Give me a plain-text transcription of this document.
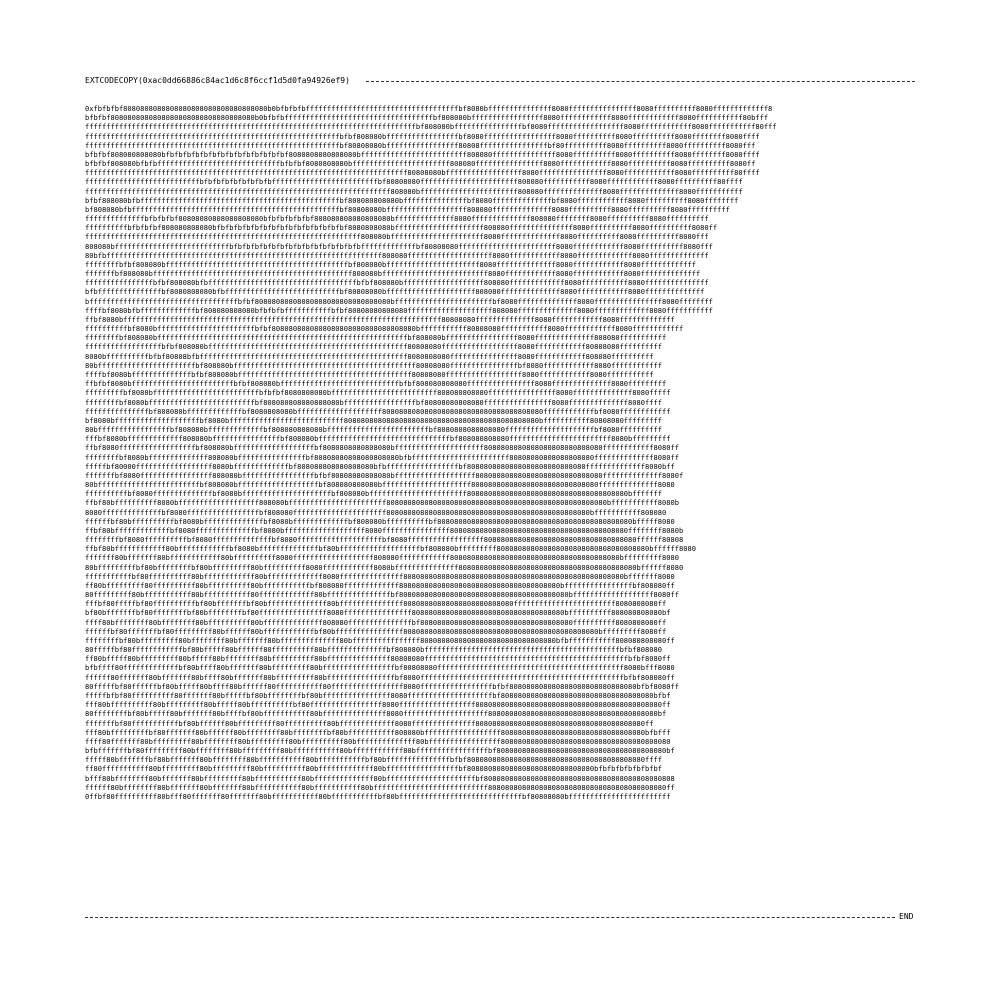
EXTCODECOPY(0xac0dd66886c84ac1d6c8f6ccf1d5d0fa94926ef9)
0xfbfbfbf8080808080808080808080808080808080b0bfbfbfbffffffffffffffffffffffffffffffffffffbf8080bfffffffffffffff8080ffffffffffffffff8080ffffffffff8080fffffffffffff8
bfbfbf8080808080808080808080808080808080b0bfbfbfffffffffffffffffffffffffffffffffffbf808080bfffffffffffffffff8080ffffffffffff8080ffffffffffff8080fffffffffff80bfff
ffffffffffffffffffffffffffffffffffffffffffffffffffffffffffffffffffffffffffffffbf808080bffffffffffffffffbf8080ffffffffffffffffff8080ffffffffffff8080fffffffffff80fff
ffffffffffffffffffffffffffffffffffffffffffffffffffffffffffffbfbf808080bfffffffffffffffffbf8080fffffffffffffffff8080ffffffffff8080ffffffffff8080ffffffff8080ffff
ffffffffffffffffffffffffffffffffffffffffffffffffffffffffffffbf80808080bfffffffffffffffff80808ffffffffffffffffbf80ffffffffff8080ffffffffff8080ffffffffff8080fff
bfbfbf808080808080bfbfbfbfbfbfbfbfbfbfbfbfbfbfbf8080808080808080bfffffffffffffffffffffffff808080fffffffffffffff8080ffffffffff8080ffffffffff8080ffffffff8080ffff
bfbfbf808080bfbfbfffffffffffffffffffffffffffffbfbfbf8080808080bfffffffffffffffffffffff808080ffffffffffffffff8080ffffffffffff8080ffffffffff8080ffffffffff8080ff
ffffffffffffffffffffffffffffffffffffffffffffffffffffffffffffffffffffffffffff80808080bffffffffffffffffff8080ffffffffffffffff8080ffffffffffff8080ffffffffff80ffff
fffffffffffffffffffffffffffbfbfbfbfbfbfbfbfbfffffffffffffffffffffffffbf80808080fffffffffffffffffffffff808080fffffffffff8080ffffffffffff8080ffffffffff80ffff
ffffffffffffffffffffffffffffffffffffffffffffffffffffffffffffffffffffffff808080bfffffffffffffffffffffff808080ffffffffffffff8080ffffffffffffff8080fffffffffff
bfbf808080bfbfffffffffffffffffffffffffffffffffffffffffffffffbf808080808080bfffffffffffffffbf8080ffffffffffffffbf8080ffffffffffff8080ffffffffff8080ffffffff
bf808080bfbfffffffffffffffffffffffffffffffffffffffffffffffffbf80808080bfffffffffffffffffff808080ffffffffffffff8080ffffffffff8080ffffffffff8080ffffffffff
ffffffffffffffbfbfbfbf80808080808080808080bfbfbfbfbfbf808080808080808080bffffffffffffff8080ffffffffffffff808080ffffffff8080ffffffffff8080ffffffffff
ffffffffffbfbfbfbf808080808080bfbfbfbfbfbfbfbfbfbfbfbfbfbfbfbf8080808080bfffffffffffffffffffff808080fffffffffffffff8080ffffffffff8080ffffffffff8080ff
fffffffffffffffffffffffffffffffffffffffffffffffffffffffffffffffff808080bffffffffffffffffffffff8080ffffffffffffff8080ffffffffff8080ffffffffff8080fff
808080bfffffffffffffffffffffffffffbfbfbfbfbfbfbfbfbfbfbfbfbfbfbfbfffffffffffffbf80808080fffffffffffffffffffffff8080ffffffffffff8080ffffffffff8080fff
80bfbfffffffffffffffffffffffffffffffffffffffffffffffffffffffffffffffff808080ffffffffffffffffffff8080ffffffffffff8080fffffffffffff8080ffffffffffffff
ffffffffbfbf808080bfffffffffffffffffffffffffffffffffffffffffffbf808080bffffffffffffffffffffff8080ffffffffffffff8080ffffffffffff8080fffffffffffff
fffffffbf808080bfffffffffffffffffffffffffffffffffffffffffffffff808080bfffffffffffffffffffffffff8080ffffffffffff8080ffffffffffff8080ffffffffffffff
ffffffffffffffffbfbf808080bfbfffffffffffffffffffffffffffffffffffbfbf808080bfffffffffffffffffff808080fffffffffffff8080fffffffffff8080fffffffffffffff
bfbfffffffffffffffbf8080808080bfbfffffffffffffffffffffffffffbf80808080bfffffffffffffffffffff808080ffffffffffffff8080ffffffffffff8080ffffffffffffff
bfffffffffffffffffffffffffffffffffffbfbf80808080808080808080808080808080bfffffffffffffffffffffffbf8080ffffffffffffff8080ffffffffffffffff8080ffffffff
ffffbf8080bfbfffffffffffffbf808080808080bfbfbfbfffffffffffbfbf80808080808080ffffffffffffffffffff808080ffffffffffffff8080fffffffffffff8080fffffffffff
ffbf8080bfffffffffffffffffffffffffffffffffffffffffffffffffffffffffffffffffffffffffff80808080ffffffffffffff8080ffffffffffff8080fffffffffffff
ffffffffffbf8080bfffffffffffffffffffffffbfbf8080808080808080808080808080808080bfffffffffff80808080fffffffffff8080ffffffffffff8080ffffffffffff
ffffffffbf808080bfffffffffffffffffffffffffffffffffffffffffffffffffffffffffffbf808080bfffffffffffffffff8080ffffffffffffff808080fffffffffff
ffffffffffffffffffbfbf808080bfffffffffffffffffffffffffffffffffffffffffffffff80808080ffffffffffffffffff8080ffffffffffff80808080ffffffffff
8080bffffffffffbfbf80808bfbfffffffffffffffffffffffffffffffffffffffffffffffff8080808080ffffffffffffffff8080ffffffffffff808080ffffffffff
80bfffffffffffffffffffffffbf808080bfffffffffffffffffffffffffffffffffffffffffff80808080ffffffffffffffffbf8080ffffffffffff8080ffffffffffff
ffffbf8080bffffffffffffffbfbf808080bfffffffffffffffffffffffffffffffffffffffff80808080ffffffffffffffffff8080ffffffffffff8080fffffffffff
ffbfbf8080bffffffffffffffffffffffffbfbf808080bffffffffffffffffffffffffffffbfbf808080808080ffffffffffffffff8080ffffffffffffff8080fffffffff
fffffffffbf8080bfffffffffffffffffffffffffbfbfbf8080808080bfffffffffffffffffffffffff808080808080ffffffffffffffff8080ffffffffffffff8080fffff
ffffffffbf8080bfffffffffffffffffffffffffbf808080808080808080bfffffffffffffffffbf80808080808080ffffffffffffffff8080ffffffffffffff8080ffff
fffffffffffffffbf808080bfffffffffffffbf8080808080bffffffffffffffffffff80808080808080808080808080808080808080ffffffffffffbf8080ffffffffffff
bf8080bffffffffffffffffffffbf8080bfffffffffffffffffffffffffff8080808080808080808080808080808080808080808080bfffffffffff80808080fffffffff
80bfffffffffffffffffbf808080bfffffffffffffbf808080808080bffffffffffffffffffffffffbf8080808080808080fffffffffffffffffffffbf8080ffffffffff
fffbf8080bfffffffffffff808080bffffffffffffffffbf808080bfffffffffffffffffffffffffffffffbf808080808080ffffffffffffffffffffffff8080bfffffffff
ffbf8080ffffffffffffffffffbf808080bfffffffffffffffffffbf8080808080808080bfffffffffffffffffffff8080808080808080808080808080ffffffffffff8080ff
ffffffffbf8080bffffffffffffff808080bffffffffffffffffbf80808080808080808080bfbfffffffffffffffffffffff80808080808080808080ffffffffffffff8080ff
fffffbf80000ffffffffffffffffff8080bfffffffffffffbf808080808080808080bfbfffffffffffffffffbf8080808080808080808080808080ffffffffffffff8080bff
fffffffbf8080fffffffffffffffff808080bfffffffffffffffffbfbf80808080808080bfffffffffffffffffff808080808080808080808080808080ffffffffffffff8080f
80bffffffffffffffffffffffffbf808080bfffffffffffffffffffbf808080808080bfffffffffffffffffffff808080808080808080808080808080ffffffffffffff8080
ffffffffffbf8080ffffffffffffffbf8080bfffffffffffffffffffffbf808080bfffffffffffffffffffffff80808080808080808080808080808080808080bfffffff
ffbf80bffffffffff8080bfffffffffffffffffff808080bfffffffffffffffffffffff8080808080808080808080808080808080808080808080808080bfffffffffff8080b
8080ffffffffffffffbf8080fffffffffffffffffbf808080ffffffffffffffffffffff808080808080808080808080808080808080808080808080bfffffffffff808080
ffffffbf80bffffffffffbf8080bffffffffffffffbf8080bfffffffffffffbf808080bffffffffffbf8080808080808080808080808080808080808080808080bfffff8080
ffbf80bfffffffffffffbf8080ffffffffffffffbf8080bfffffffffffffffffff8080ffffffffffffffff808080808080808080808080808080808080808080ffffffff8080b
ffffffffbf8080ffffffffffbf8080ffffffffffffffbf8080ffffffffffffffffffffbf8080ffffffffffffffffff808080808080808080808080808080808080ffffff80808
ffbf80bffffffffffff80bffffffffffffbf8080bffffffffffffffbf80bfffffffffffffffffffbf808080bfffffffff808080808080808080808080808080808080bffffff8080
fffffff80bfffffff80bffffffffffff80bffffffffff8080fffffffffffffffffff808080ffffffffffff8080808080808080808080808080808080808080bfffffffff8080
80bfffffffffbf80bffffffffbf80bfffffffff80bffffffffff8080ffffffffffff8080bfffffffffffffff808080808080808080808080808080808080808080bffffff8080
fffffffffffbf80ffffffffff80bffffffffffff80bfffffffffffff8080fffffffffffffff8080808080808080808080808080808080808080808080808080bfffffff8080
ff80bfffffffff80ffffffffff80bffffffffff80bfffffffffffbf808080fffffffffffff80808080808080808080808080808080808080bffffffffffffffffbf808080ff
80fffffffff80bfffffffffff80bfffffffffff80fffffffffffff80bfffffffffffffffbf8080808080808080808080808080808080808080bfffffffffffffffffff8080ff
fffbf80fffffbf80ffffffffffbf80bfffffffbf80bffffffffffffff80bfffffffffffffff80808080808080808080808080ffffffffffffffffffffffff8080808080ff
bf80bfffffffbf80ffffffffbf80bffffffffbf80ffffffffffffffff8080ffffffffffffffff808080808080808080808080808080808080bffffffffff808080808080bf
ffff80bffffffff80bffffffff80bffffffffff80bffffffffffffff808080fffffffffffffffbf808080808080808080808080808080808080ffffffffff8080808080ff
ffffffbf80fffffffbf80fffffffff80bffffff80bffffffffffffbf80bffffffffffffffff8080808080808080808080808080808080808080808080bfffffffff8080ff
ffffffffbf80bfffffffff80bffffffff80bfffffff80bffffffffffffff80bffffffffffffffff80808080808080808080808080808080bfbfffffffffff808080808080ff
80fffffbf80ffffffffffffbf80bfffff80bffffff80ffffffffff80bffffffffffffffbf808080bffffffffffffffffffffffffffffffffffffffffffffffbfbf808080
ff80bfffff80bfffffffff80bfffff80bffffffff80bffffffffff80bfffffffffffffff80808080ffffffffffffffffffffffffffffffffffffffffffffffffbfbf8080ff
bfbffff80fffffffffffffbf80bffff80bfffffff80bfffffffff80bfffffffffffffffffbf80808080ffffffffffffffffffffffffffffffffffffffffffff8080bfff8080
ffffff80fffffff80bfffffff80bffff80bfffffff80bfffffffff80bffffffffffffffffbf8080ffffffffffffffffffffffffffffffffffffffffffffffffbfbf808080ff
80fffffbf80ffffffbf80bfffff80bffff80bffffff80fffffffffff80fffffffffffffffff8080fffffffffffffffffbfbf808080808080808080808080808080bfbf8080ff
fffffbfbf80ffffffffff80fffffff80bfffffbf80bffffffffbf80bffffffffffffffff8080ffffffffffffffffffffbf808080808080808080808080808080808080bfbf
fff80bffffffffff80bfffffffff80bfffff80bffffffffffbf80fffffffffffffffff8080ffffffffffffffffff80808080808080808080808080808080808080808080ff
80ffffffffbf80bfffff80bfffffff80bffffbf80bfffffffffff80bfffffffffffffff8080ffffffffffffffffffff8080808080808080808080808080808080808080bf
fffffffbf80fffffffffffbf80bffffff80bfffffffff80ffffffffff80bfffffffffffff8080fffffffffffffff8080808080808080808080808080808080808080ff
fff80bfffffffffbf80fffffff80bffffff80bffffffff80bffffffffbf80bfffffffffff808080bffffffffffffffffff8080808080808080808080808080808080bfbfff
ffff80fffffff80bfffffffff80bffffffff80bfffffffff80bffffffffff80bffffffffffffff80bfffffffffffffffff8080808080808080808080808080808080808080
bfbfffffffbf80fffffffff80bffffffff80bfffffffff80bfffffffffff80bffffffffffff80bfffffffffffffffffbf8080808080808080808080808080808080808080bf
fffff80bfffffffbf80bfffffff80bffffffff80bfffffffffff80bfffffffffffbf80bfffffffffffffffbfbf808080808080808080808080808080808080808080ffff
ff80fffffffffff80bfffffffff80bfffffffff80bffffffffff80bfffffffffffff80bfffffffffffffffffbf808080808080808080808080808080bfbfbfbfbfbfbfbf
bfff80bffffffff80bfffffff80bfffffffff80bfffffffffff80bffffffffffffff80bfffffffffffffffffffffbf808080808080808080808080808080808080808080808
ffffff80bffffffff80bfffffff80bfffffff80bfffffffffff80bfffffffffff80bfffffffffffffffffffffffffff808080808080808080808080808080808080808080ff
0ffbf80ffffffffff80bfff80fffffff80fffffff80bfffffffffff80bfffffffffffbf80bfffffffffffffffffffffffffffffbf80808080bffffffffffffffffffffffff
END
